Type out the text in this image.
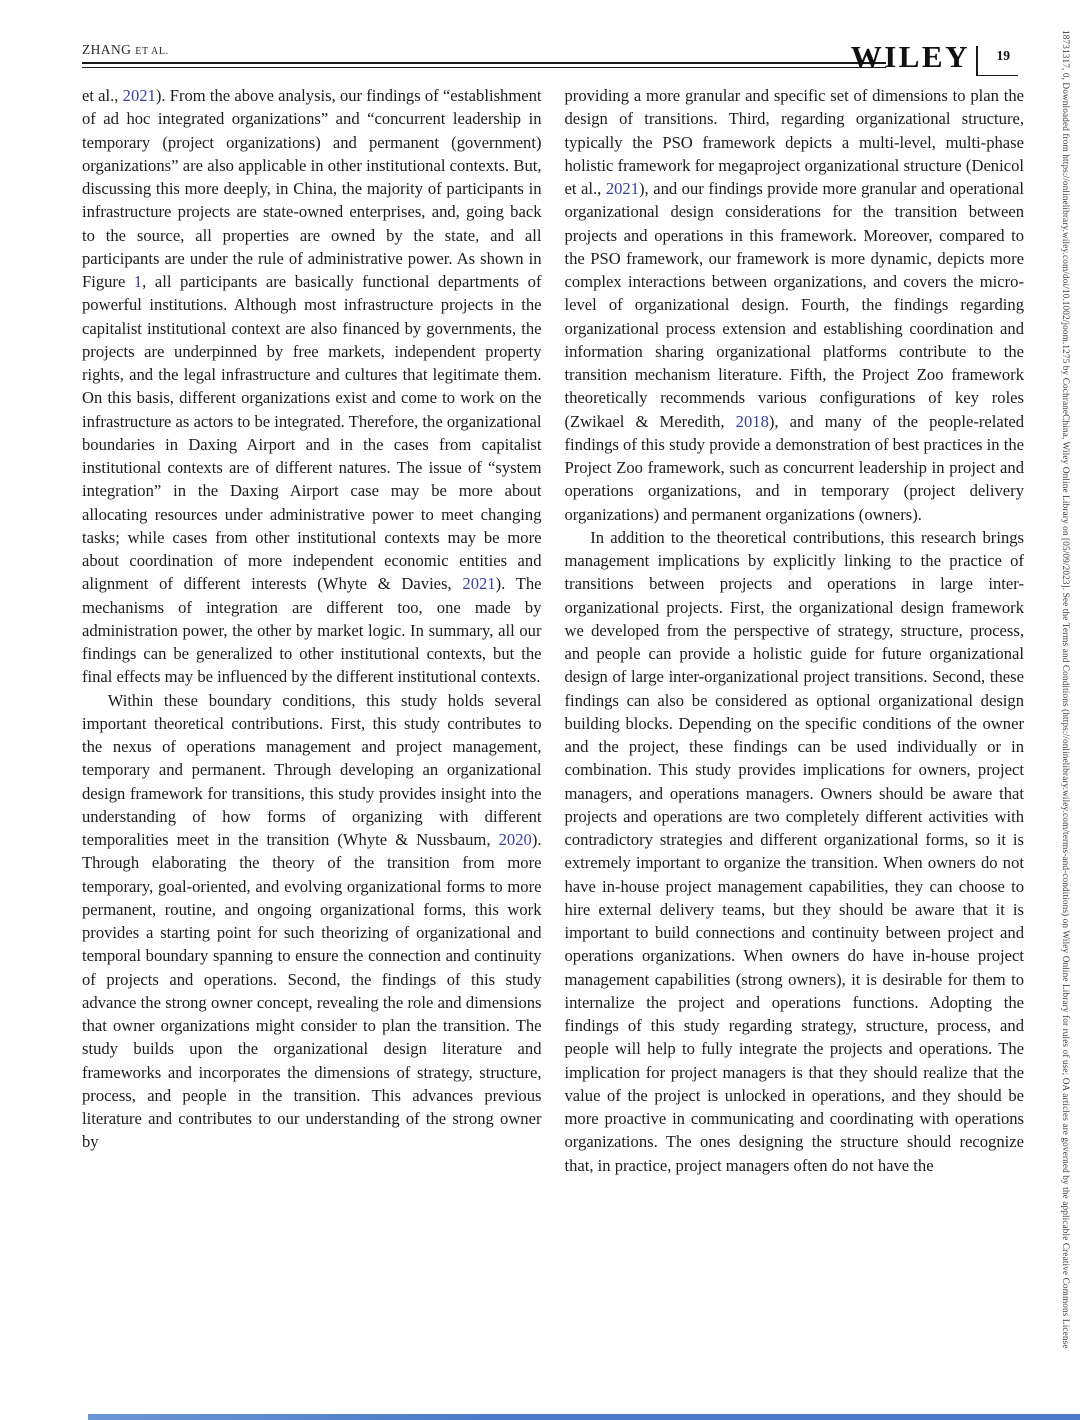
ZHANG ET AL.	WILEY 19

et al., 2021). From the above analysis, our findings of “establishment of ad hoc integrated organizations” and “concurrent leadership in temporary (project organizations) and permanent (government) organizations” are also applicable in other institutional contexts. But, discussing this more deeply, in China, the majority of participants in infrastructure projects are state-owned enterprises, and, going back to the source, all properties are owned by the state, and all participants are under the rule of administrative power. As shown in Figure 1, all participants are basically functional departments of powerful institutions. Although most infrastructure projects in the capitalist institutional context are also financed by governments, the projects are underpinned by free markets, independent property rights, and the legal infrastructure and cultures that legitimate them. On this basis, different organizations exist and come to work on the infrastructure as actors to be integrated. Therefore, the organizational boundaries in Daxing Airport and in the cases from capitalist institutional contexts are of different natures. The issue of “system integration” in the Daxing Airport case may be more about allocating resources under administrative power to meet changing tasks; while cases from other institutional contexts may be more about coordination of more independent economic entities and alignment of different interests (Whyte & Davies, 2021). The mechanisms of integration are different too, one made by administration power, the other by market logic. In summary, all our findings can be generalized to other institutional contexts, but the final effects may be influenced by the different institutional contexts.

Within these boundary conditions, this study holds several important theoretical contributions. First, this study contributes to the nexus of operations management and project management, temporary and permanent. Through developing an organizational design framework for transitions, this study provides insight into the understanding of how forms of organizing with different temporalities meet in the transition (Whyte & Nussbaum, 2020). Through elaborating the theory of the transition from more temporary, goal-oriented, and evolving organizational forms to more permanent, routine, and ongoing organizational forms, this work provides a starting point for such theorizing of organizational and temporal boundary spanning to ensure the connection and continuity of projects and operations. Second, the findings of this study advance the strong owner concept, revealing the role and dimensions that owner organizations might consider to plan the transition. The study builds upon the organizational design literature and frameworks and incorporates the dimensions of strategy, structure, process, and people in the transition. This advances previous literature and contributes to our understanding of the strong owner by

providing a more granular and specific set of dimensions to plan the design of transitions. Third, regarding organizational structure, typically the PSO framework depicts a multi-level, multi-phase holistic framework for megaproject organizational structure (Denicol et al., 2021), and our findings provide more granular and operational organizational design considerations for the transition between projects and operations in this framework. Moreover, compared to the PSO framework, our framework is more dynamic, depicts more complex interactions between organizations, and covers the micro-level of organizational design. Fourth, the findings regarding organizational process extension and establishing coordination and information sharing organizational platforms contribute to the transition mechanism literature. Fifth, the Project Zoo framework theoretically recommends various configurations of key roles (Zwikael & Meredith, 2018), and many of the people-related findings of this study provide a demonstration of best practices in the Project Zoo framework, such as concurrent leadership in project and operations organizations, and in temporary (project delivery organizations) and permanent organizations (owners).

In addition to the theoretical contributions, this research brings management implications by explicitly linking to the practice of transitions between projects and operations in large inter-organizational projects. First, the organizational design framework we developed from the perspective of strategy, structure, process, and people can provide a holistic guide for future organizational design of large inter-organizational project transitions. Second, these findings can also be considered as optional organizational design building blocks. Depending on the specific conditions of the owner and the project, these findings can be used individually or in combination. This study provides implications for owners, project managers, and operations managers. Owners should be aware that projects and operations are two completely different activities with contradictory strategies and different organizational forms, so it is extremely important to organize the transition. When owners do not have in-house project management capabilities, they can choose to hire external delivery teams, but they should be aware that it is important to build connections and continuity between project and operations organizations. When owners do have in-house project management capabilities (strong owners), it is desirable for them to internalize the project and operations functions. Adopting the findings of this study regarding strategy, structure, process, and people will help to fully integrate the projects and operations. The implication for project managers is that they should realize that the value of the project is unlocked in operations, and they should be more proactive in communicating and coordinating with operations organizations. The ones designing the structure should recognize that, in practice, project managers often do not have the	18731317, 0, Downloaded from https://onlinelibrary.wiley.com/doi/10.1002/joom.1275 by CochraneChina, Wiley Online Library on [05/09/2023]. See the Terms and Conditions (https://onlinelibrary.wiley.com/terms-and-conditions) on Wiley Online Library for rules of use; OA articles are governed by the applicable Creative Commons License
